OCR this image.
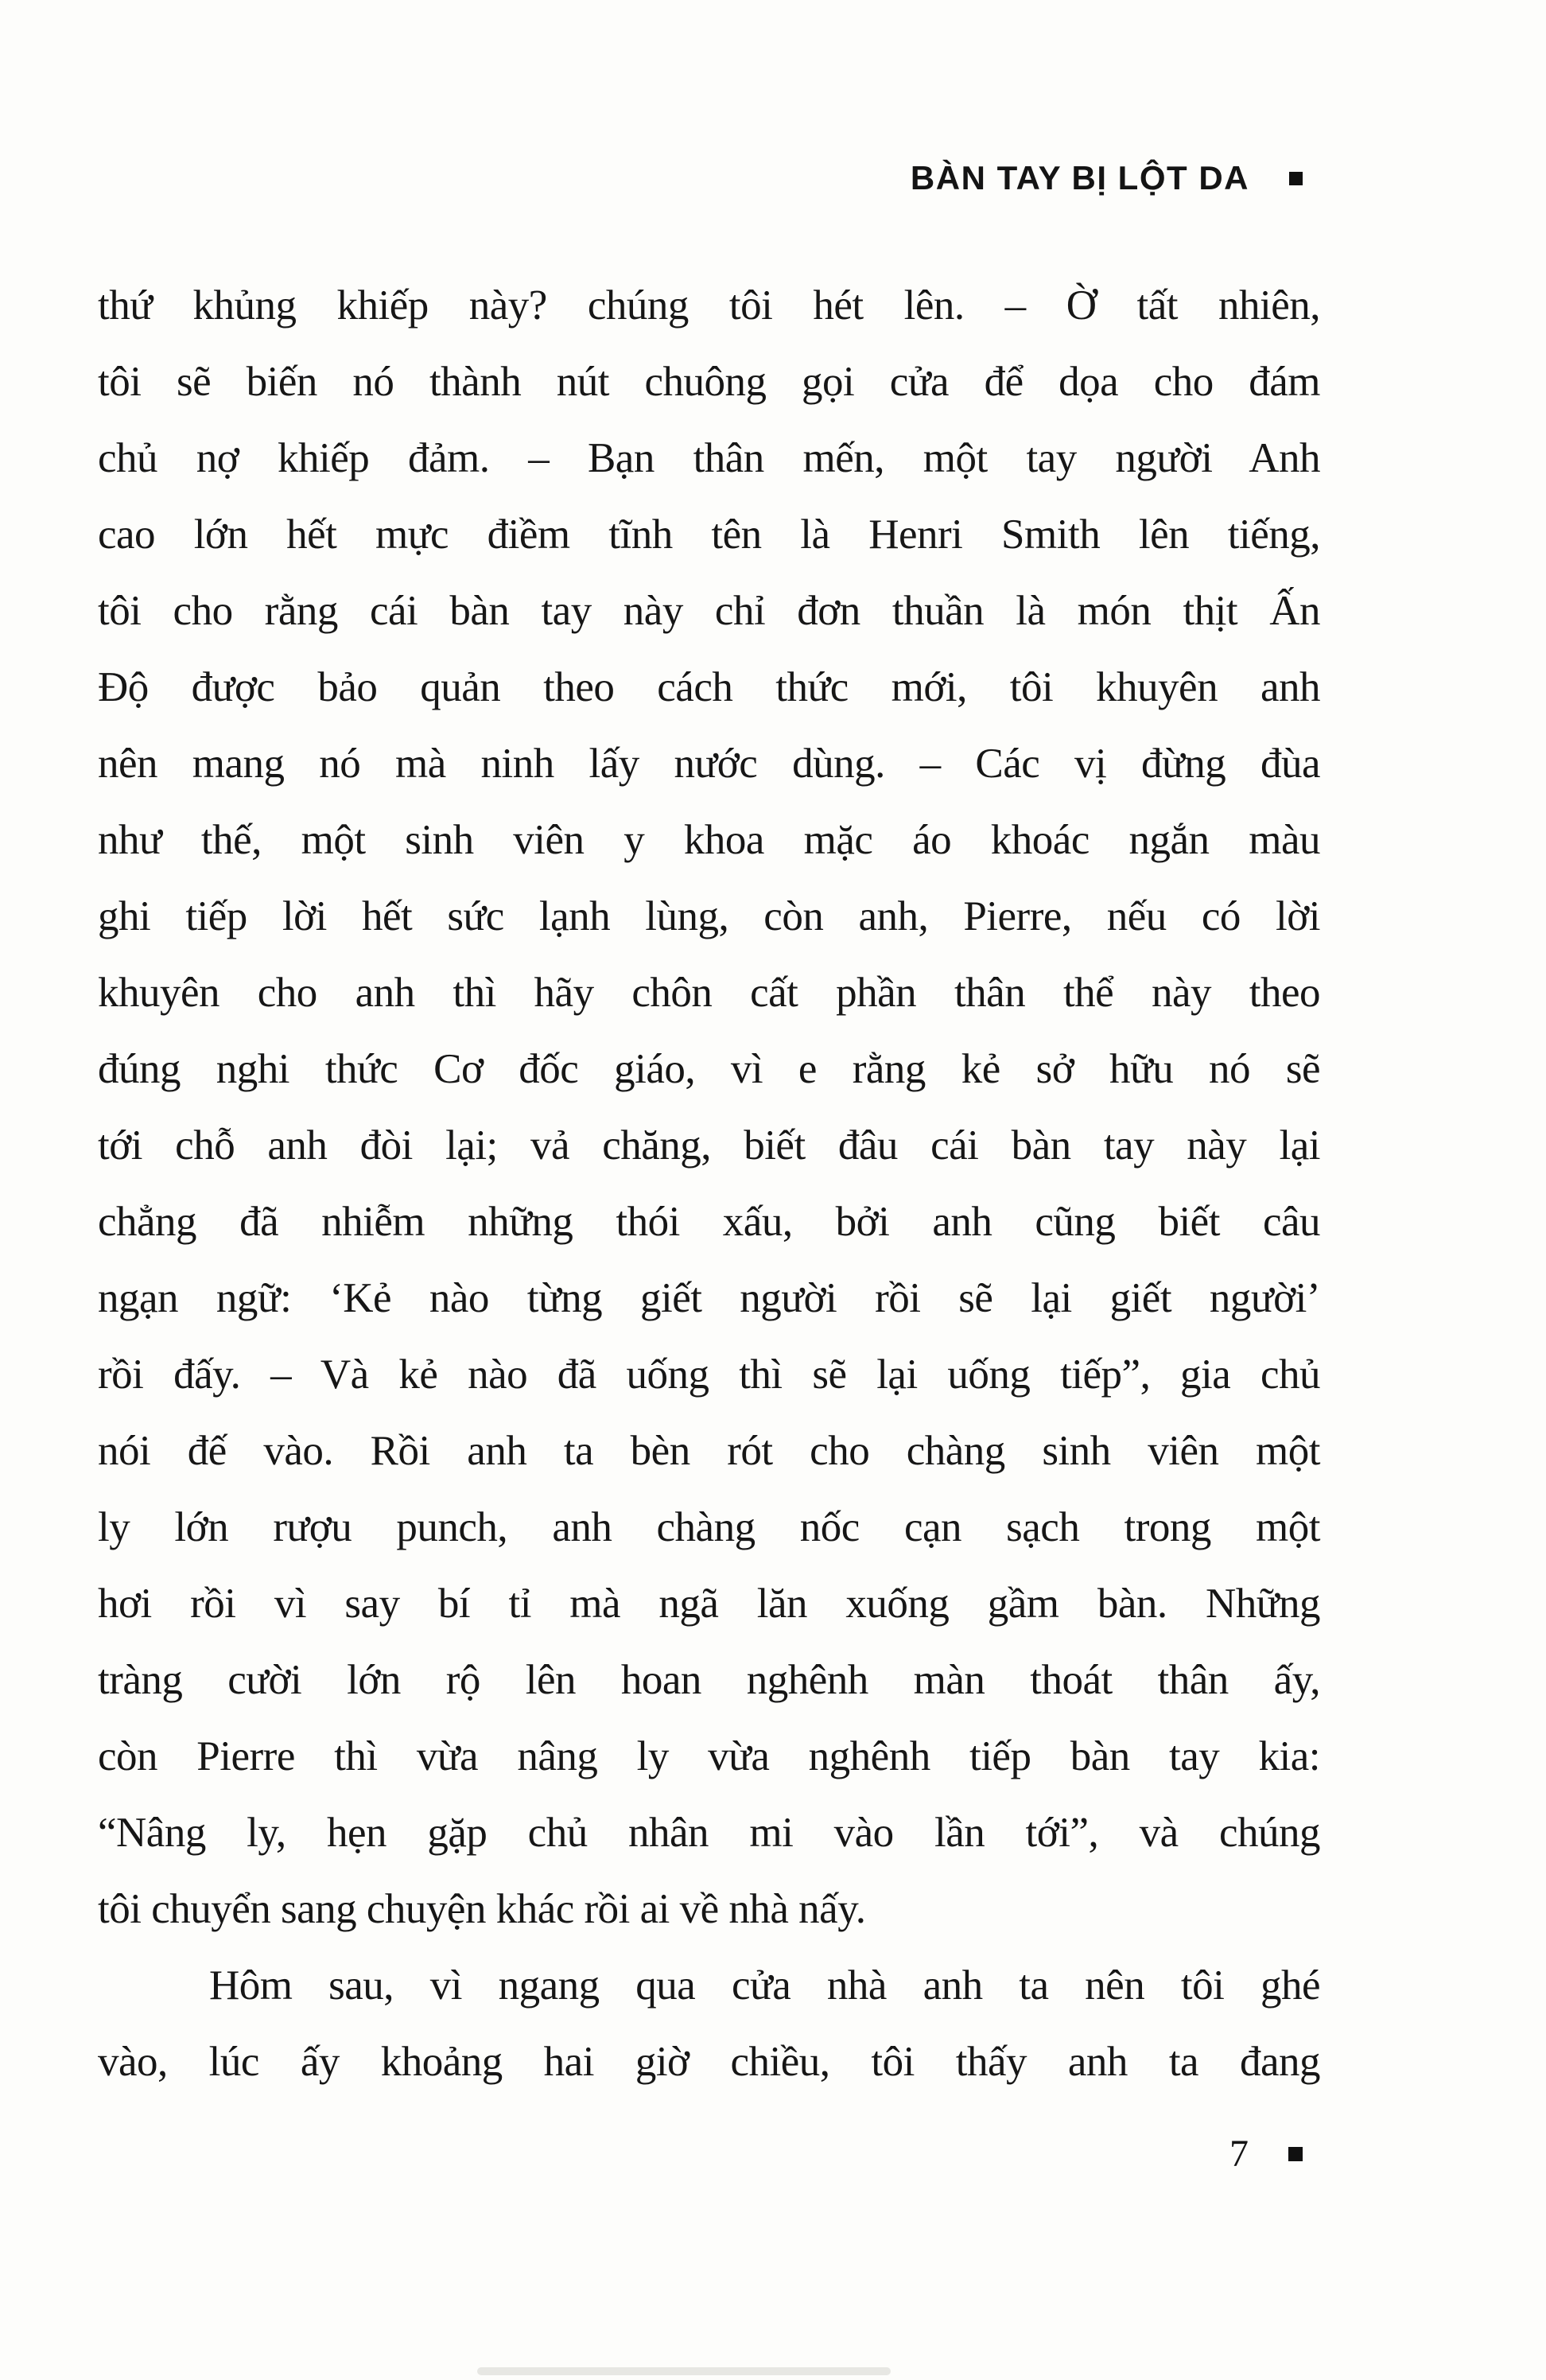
BÀN TAY BỊ LỘT DA
thứ khủng khiếp này? chúng tôi hét lên. – Ờ tất nhiên,
tôi sẽ biến nó thành nút chuông gọi cửa để dọa cho đám
chủ nợ khiếp đảm. – Bạn thân mến, một tay người Anh
cao lớn hết mực điềm tĩnh tên là Henri Smith lên tiếng,
tôi cho rằng cái bàn tay này chỉ đơn thuần là món thịt Ấn
Độ được bảo quản theo cách thức mới, tôi khuyên anh
nên mang nó mà ninh lấy nước dùng. – Các vị đừng đùa
như thế, một sinh viên y khoa mặc áo khoác ngắn màu
ghi tiếp lời hết sức lạnh lùng, còn anh, Pierre, nếu có lời
khuyên cho anh thì hãy chôn cất phần thân thể này theo
đúng nghi thức Cơ đốc giáo, vì e rằng kẻ sở hữu nó sẽ
tới chỗ anh đòi lại; vả chăng, biết đâu cái bàn tay này lại
chẳng đã nhiễm những thói xấu, bởi anh cũng biết câu
ngạn ngữ: ‘Kẻ nào từng giết người rồi sẽ lại giết người’
rồi đấy. – Và kẻ nào đã uống thì sẽ lại uống tiếp”, gia chủ
nói đế vào. Rồi anh ta bèn rót cho chàng sinh viên một
ly lớn rượu punch, anh chàng nốc cạn sạch trong một
hơi rồi vì say bí tỉ mà ngã lăn xuống gầm bàn. Những
tràng cười lớn rộ lên hoan nghênh màn thoát thân ấy,
còn Pierre thì vừa nâng ly vừa nghênh tiếp bàn tay kia:
“Nâng ly, hẹn gặp chủ nhân mi vào lần tới”, và chúng
tôi chuyển sang chuyện khác rồi ai về nhà nấy.
Hôm sau, vì ngang qua cửa nhà anh ta nên tôi ghé
vào, lúc ấy khoảng hai giờ chiều, tôi thấy anh ta đang
7
